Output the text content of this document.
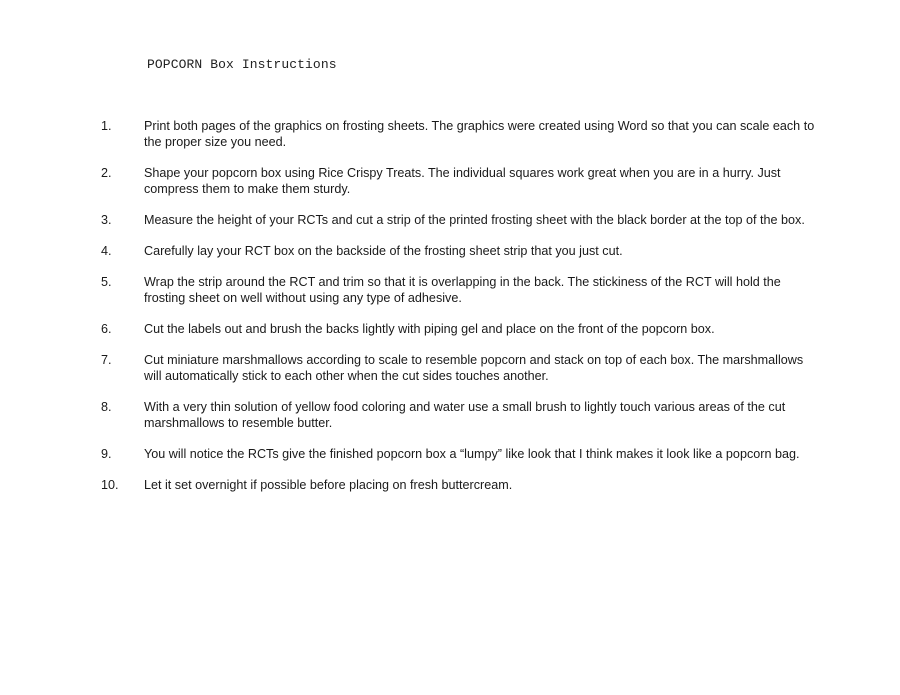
POPCORN Box Instructions
1.	Print both pages of the graphics on frosting sheets. The graphics were created using Word so that you can scale each to the proper size you need.
2.	Shape your popcorn box using Rice Crispy Treats. The individual squares work great when you are in a hurry. Just compress them to make them sturdy.
3.	Measure the height of your RCTs and cut a strip of the printed frosting sheet with the black border at the top of the box.
4.	Carefully lay your RCT box on the backside of the frosting sheet strip that you just cut.
5.	Wrap the strip around the RCT and trim so that it is overlapping in the back. The stickiness of the RCT will hold the frosting sheet on well without using any type of adhesive.
6.	Cut the labels out and brush the backs lightly with piping gel and place on the front of the popcorn box.
7.	Cut miniature marshmallows according to scale to resemble popcorn and stack on top of each box. The marshmallows will automatically stick to each other when the cut sides touches another.
8.	With a very thin solution of yellow food coloring and water use a small brush to lightly touch various areas of the cut marshmallows to resemble butter.
9.	You will notice the RCTs give the finished popcorn box a “lumpy” like look that I think makes it look like a popcorn bag.
10.	Let it set overnight if possible before placing on fresh buttercream.
